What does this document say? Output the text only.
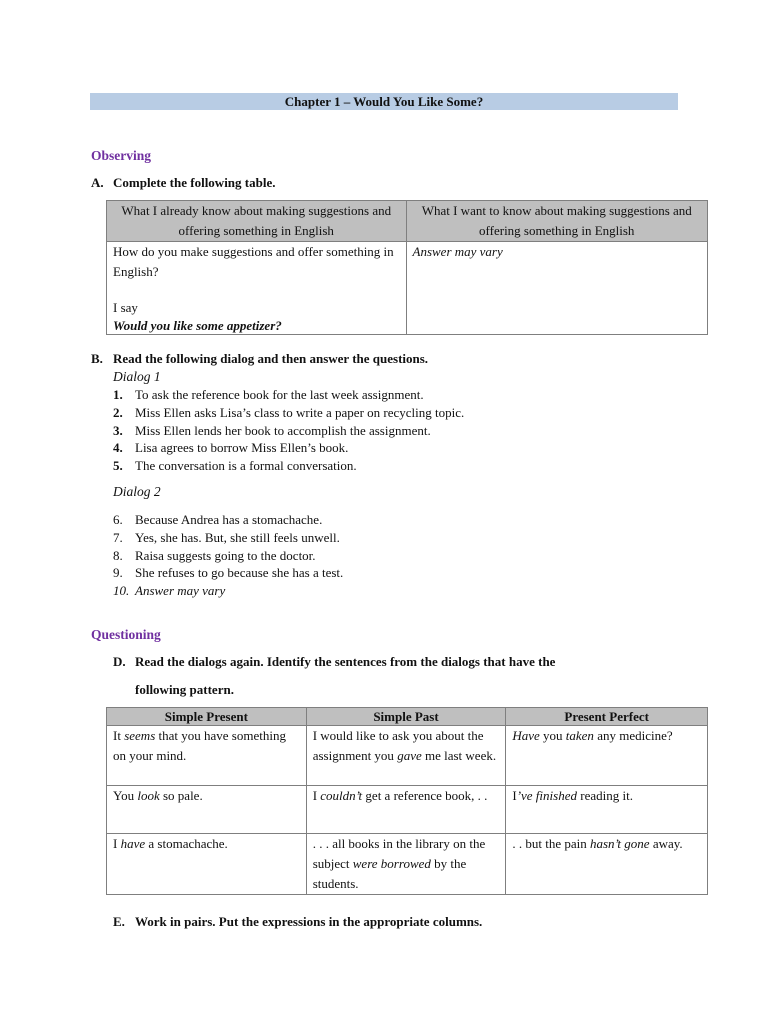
Chapter 1 – Would You Like Some?
Observing
A. Complete the following table.
What I already know about making suggestions and offering something in English	What I want to know about making suggestions and offering something in English

How do you make suggestions and offer something in English?
I say
Would you like some appetizer?	Answer may vary
B. Read the following dialog and then answer the questions.
Dialog 1
1. To ask the reference book for the last week assignment.
2. Miss Ellen asks Lisa’s class to write a paper on recycling topic.
3. Miss Ellen lends her book to accomplish the assignment.
4. Lisa agrees to borrow Miss Ellen’s book.
5. The conversation is a formal conversation.
Dialog 2
6. Because Andrea has a stomachache.
7. Yes, she has. But, she still feels unwell.
8. Raisa suggests going to the doctor.
9. She refuses to go because she has a test.
10. Answer may vary
Questioning
D. Read the dialogs again. Identify the sentences from the dialogs that have the
following pattern.
Simple Present	Simple Past	Present Perfect
It seems that you have something on your mind.	I would like to ask you about the assignment you gave me last week.	Have you taken any medicine?
You look so pale.	I couldn’t get a reference book, . .	I’ve finished reading it.
I have a stomachache.	. . . all books in the library on the subject were borrowed by the students.	. . but the pain hasn’t gone away.
E. Work in pairs. Put the expressions in the appropriate columns.
